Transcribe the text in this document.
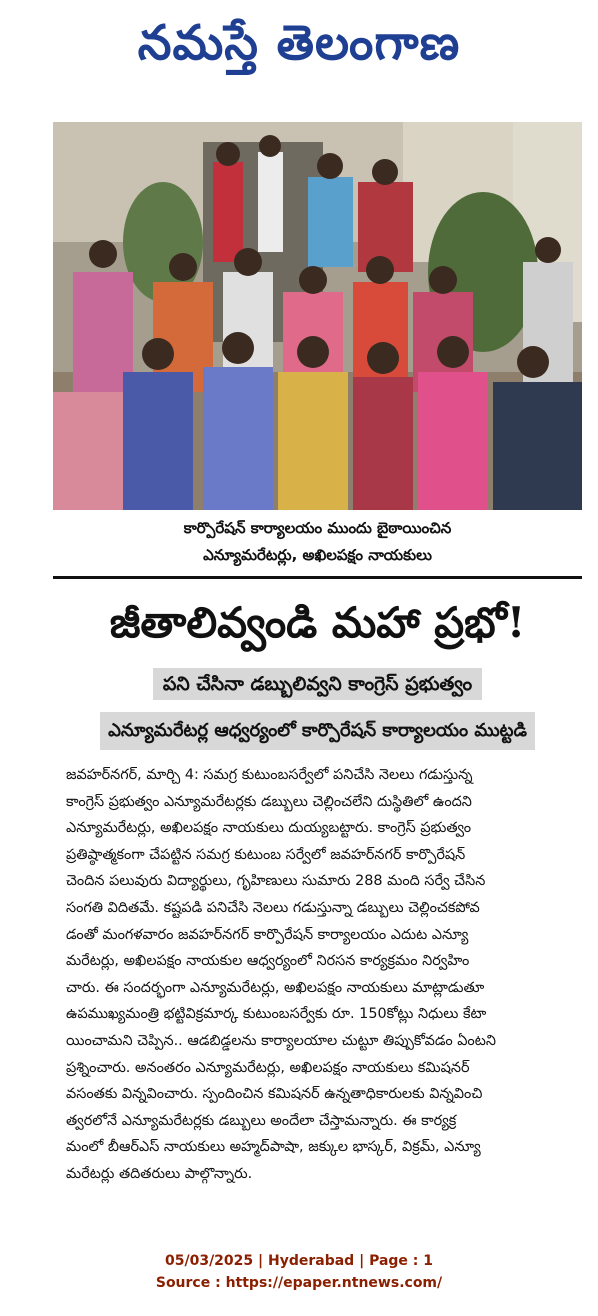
నమస్తే తెలంగాణ
కార్పొరేషన్ కార్యాలయం ముందు బైఠాయించిన
ఎన్యూమరేటర్లు, అఖిలపక్షం నాయకులు
జీతాలివ్వండి మహా ప్రభో!
పని చేసినా డబ్బులివ్వని కాంగ్రెస్ ప్రభుత్వం
ఎన్యూమరేటర్ల ఆధ్వర్యంలో కార్పొరేషన్ కార్యాలయం ముట్టడి
జవహర్‌నగర్, మార్చి 4: సమగ్ర కుటుంబసర్వేలో పనిచేసి నెలలు గడుస్తున్న
కాంగ్రెస్ ప్రభుత్వం ఎన్యూమరేటర్లకు డబ్బులు చెల్లించలేని దుస్థితిలో ఉందని
ఎన్యూమరేటర్లు, అఖిలపక్షం నాయకులు దుయ్యబట్టారు. కాంగ్రెస్ ప్రభుత్వం
ప్రతిష్ఠాత్మకంగా చేపట్టిన సమగ్ర కుటుంబ సర్వేలో జవహర్‌నగర్ కార్పొరేషన్
చెందిన పలువురు విద్యార్థులు, గృహిణులు సుమారు 288 మంది సర్వే చేసిన
సంగతి విదితమే. కష్టపడి పనిచేసి నెలలు గడుస్తున్నా డబ్బులు చెల్లించకపోవ
డంతో మంగళవారం జవహర్‌నగర్ కార్పొరేషన్ కార్యాలయం ఎదుట ఎన్యూ
మరేటర్లు, అఖిలపక్షం నాయకుల ఆధ్వర్యంలో నిరసన కార్యక్రమం నిర్వహిం
చారు. ఈ సందర్భంగా ఎన్యూమరేటర్లు, అఖిలపక్షం నాయకులు మాట్లాడుతూ
ఉపముఖ్యమంత్రి భట్టివిక్రమార్క కుటుంబసర్వేకు రూ. 150కోట్లు నిధులు కేటా
యించామని చెప్పిన.. ఆడబిడ్డలను కార్యాలయాల చుట్టూ తిప్పుకోవడం ఏంటని
ప్రశ్నించారు. అనంతరం ఎన్యూమరేటర్లు, అఖిలపక్షం నాయకులు కమిషనర్
వసంతకు విన్నవించారు. స్పందించిన కమిషనర్ ఉన్నతాధికారులకు విన్నవించి
త్వరలోనే ఎన్యూమరేటర్లకు డబ్బులు అందేలా చేస్తామన్నారు. ఈ కార్యక్ర
మంలో బీఆర్‌ఎస్ నాయకులు అహ్మద్‌పాషా, జక్కుల భాస్కర్, విక్రమ్, ఎన్యూ
మరేటర్లు తదితరులు పాల్గొన్నారు.
05/03/2025 | Hyderabad | Page : 1
Source : https://epaper.ntnews.com/
